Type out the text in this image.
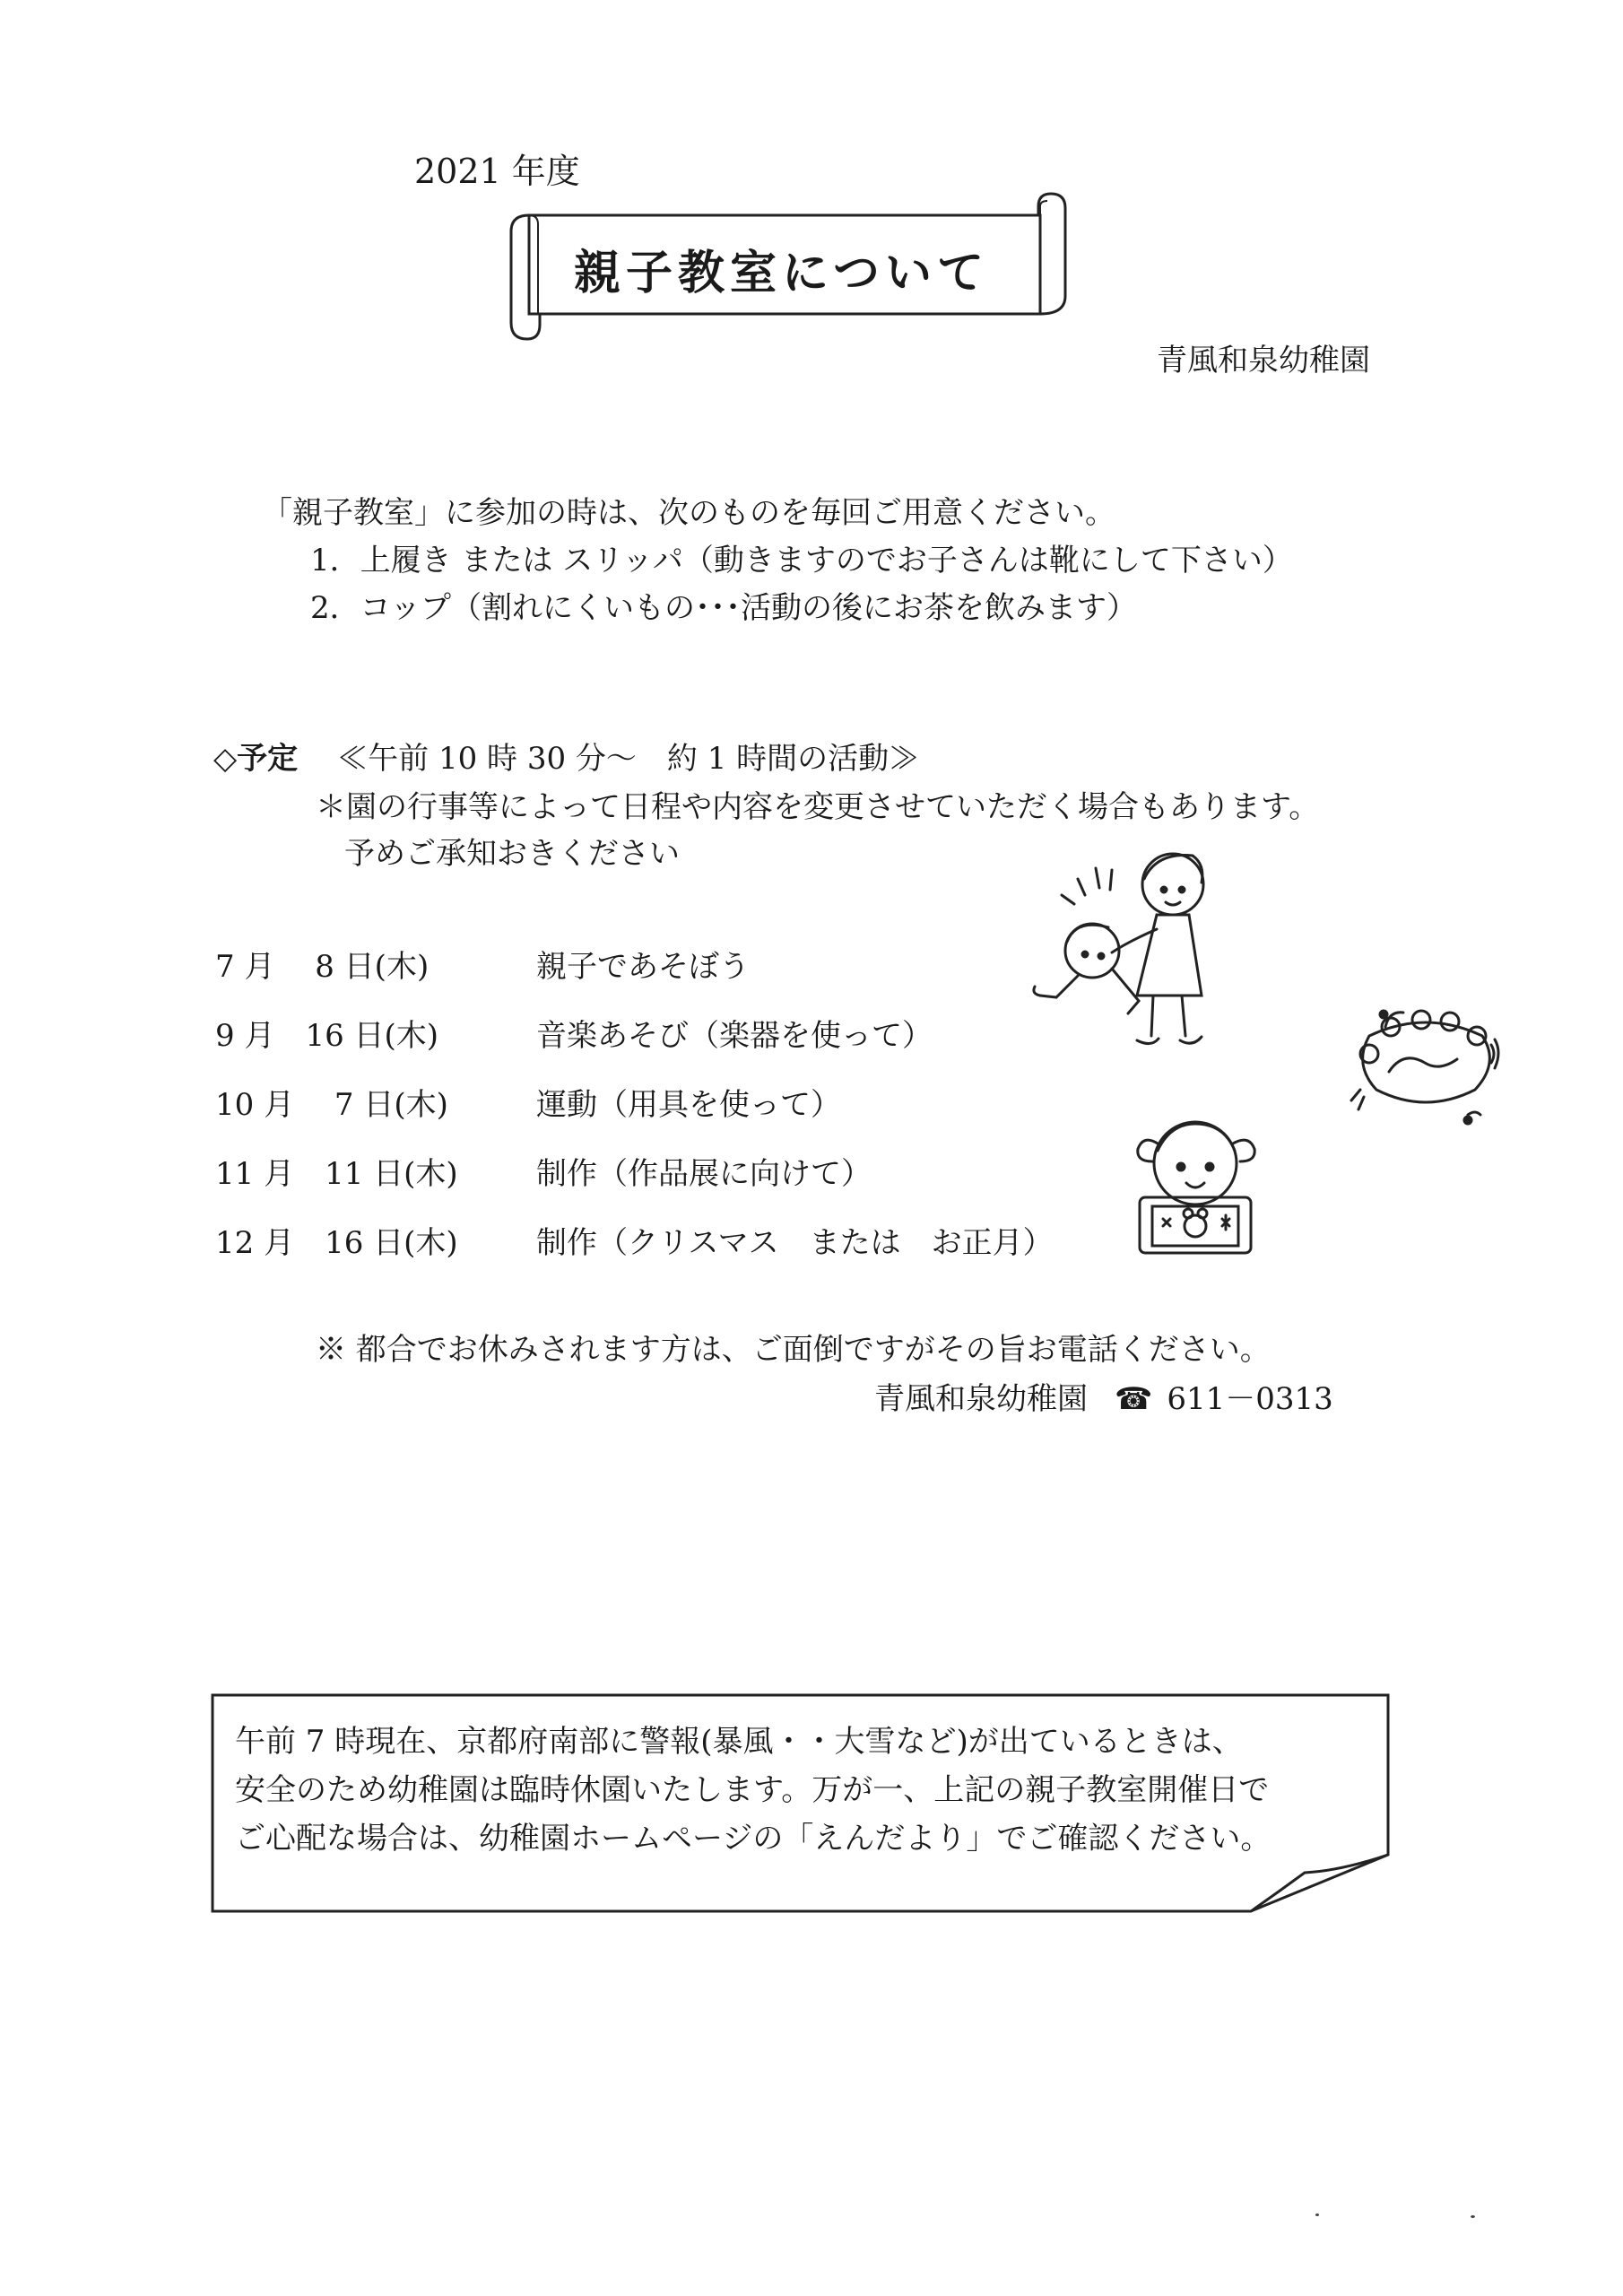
2021 年度
親子教室について
青風和泉幼稚園
「親子教室」に参加の時は、次のものを毎回ご用意ください。
1．上履き または スリッパ（動きますのでお子さんは靴にして下さい）
2．コップ（割れにくいもの･･･活動の後にお茶を飲みます）
◇予定 ≪午前 10 時 30 分～　約 1 時間の活動≫
＊園の行事等によって日程や内容を変更させていただく場合もあります。
予めご承知おきください
7 月　 8 日(木)	親子であそぼう
9 月　16 日(木)	音楽あそび（楽器を使って）
10 月　 7 日(木)	運動（用具を使って）
11 月　11 日(木)	制作（作品展に向けて）
12 月　16 日(木)	制作（クリスマス　または　お正月）
※ 都合でお休みされます方は、ご面倒ですがその旨お電話ください。
青風和泉幼稚園 ☎ 611－0313
午前 7 時現在、京都府南部に警報(暴風・・大雪など)が出ているときは、
安全のため幼稚園は臨時休園いたします。万が一、上記の親子教室開催日で
ご心配な場合は、幼稚園ホームページの「えんだより」でご確認ください。
